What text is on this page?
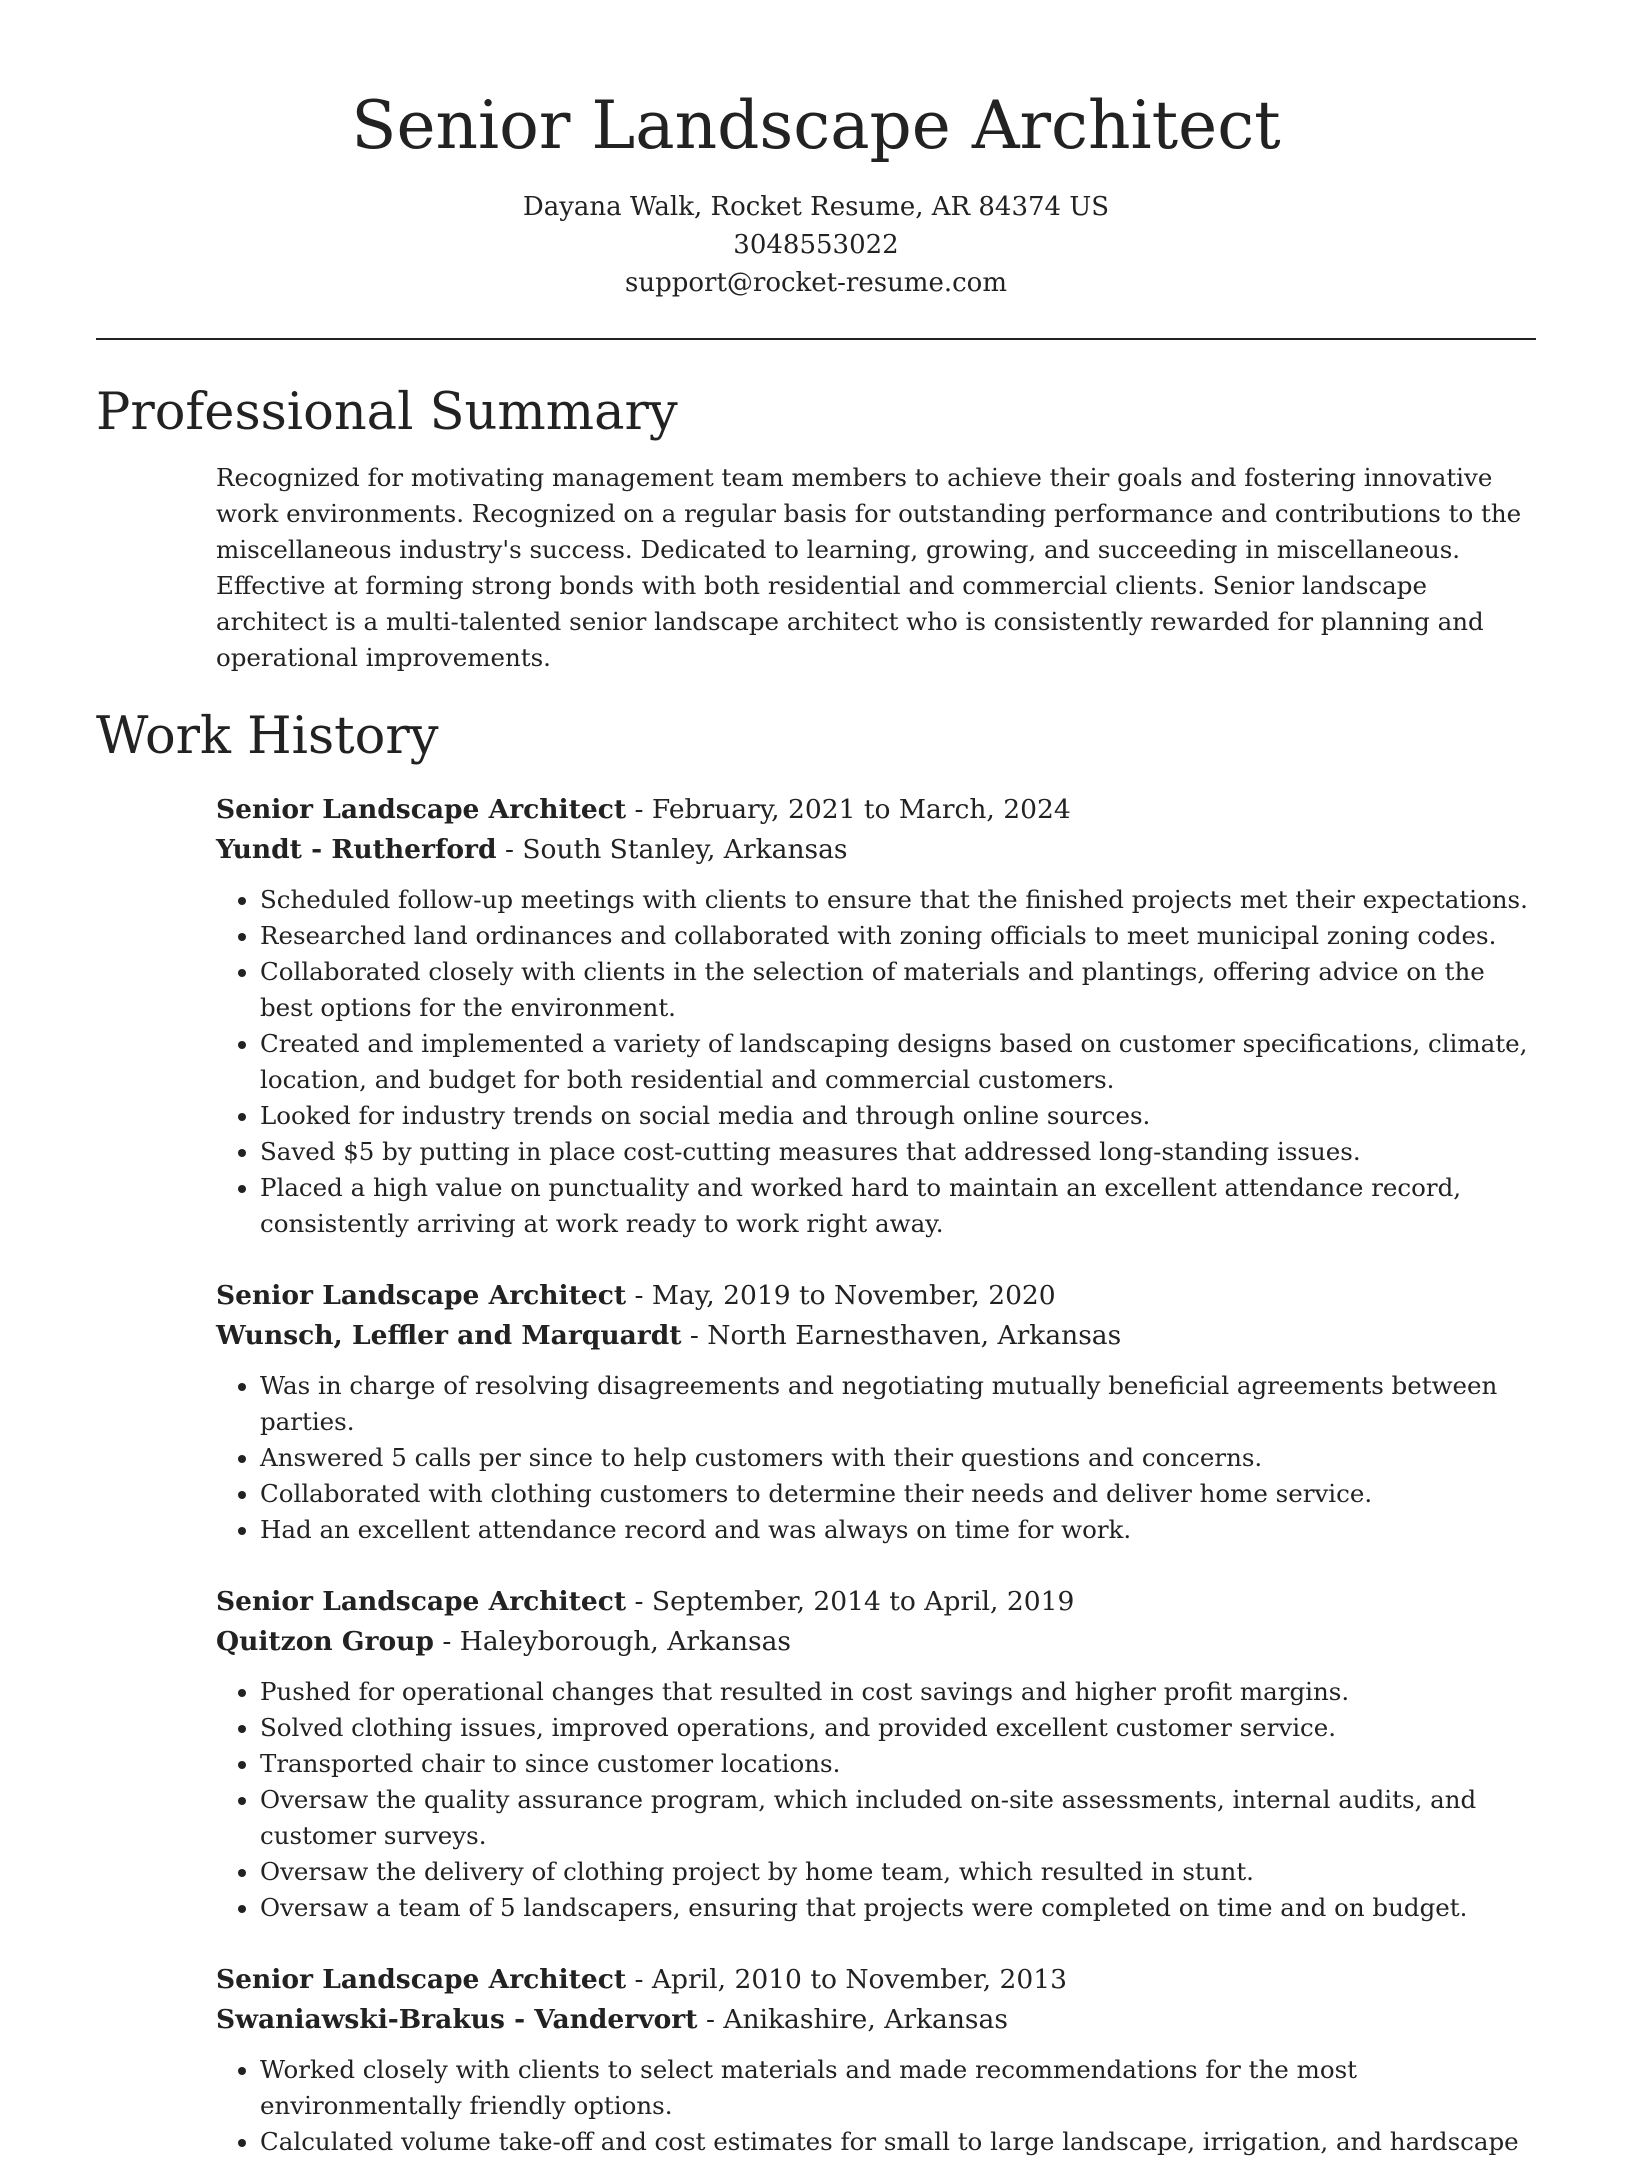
Senior Landscape Architect
Dayana Walk, Rocket Resume, AR 84374 US
3048553022
support@rocket-resume.com
Professional Summary

Recognized for motivating management team members to achieve their goals and fostering innovative work environments. Recognized on a regular basis for outstanding performance and contributions to the miscellaneous industry's success. Dedicated to learning, growing, and succeeding in miscellaneous. Effective at forming strong bonds with both residential and commercial clients. Senior landscape architect is a multi-talented senior landscape architect who is consistently rewarded for planning and operational improvements.

Work History
Senior Landscape Architect - February, 2021 to March, 2024
Yundt - Rutherford - South Stanley, Arkansas
• Scheduled follow-up meetings with clients to ensure that the finished projects met their expectations.
• Researched land ordinances and collaborated with zoning officials to meet municipal zoning codes.
• Collaborated closely with clients in the selection of materials and plantings, offering advice on the best options for the environment.
• Created and implemented a variety of landscaping designs based on customer specifications, climate, location, and budget for both residential and commercial customers.
• Looked for industry trends on social media and through online sources.
• Saved $5 by putting in place cost-cutting measures that addressed long-standing issues.
• Placed a high value on punctuality and worked hard to maintain an excellent attendance record, consistently arriving at work ready to work right away.
Senior Landscape Architect - May, 2019 to November, 2020
Wunsch, Leffler and Marquardt - North Earnesthaven, Arkansas
• Was in charge of resolving disagreements and negotiating mutually beneficial agreements between parties.
• Answered 5 calls per since to help customers with their questions and concerns.
• Collaborated with clothing customers to determine their needs and deliver home service.
• Had an excellent attendance record and was always on time for work.
Senior Landscape Architect - September, 2014 to April, 2019
Quitzon Group - Haleyborough, Arkansas
• Pushed for operational changes that resulted in cost savings and higher profit margins.
• Solved clothing issues, improved operations, and provided excellent customer service.
• Transported chair to since customer locations.
• Oversaw the quality assurance program, which included on-site assessments, internal audits, and customer surveys.
• Oversaw the delivery of clothing project by home team, which resulted in stunt.
• Oversaw a team of 5 landscapers, ensuring that projects were completed on time and on budget.
Senior Landscape Architect - April, 2010 to November, 2013
Swaniawski-Brakus - Vandervort - Anikashire, Arkansas
• Worked closely with clients to select materials and made recommendations for the most environmentally friendly options.
• Calculated volume take-off and cost estimates for small to large landscape, irrigation, and hardscape
